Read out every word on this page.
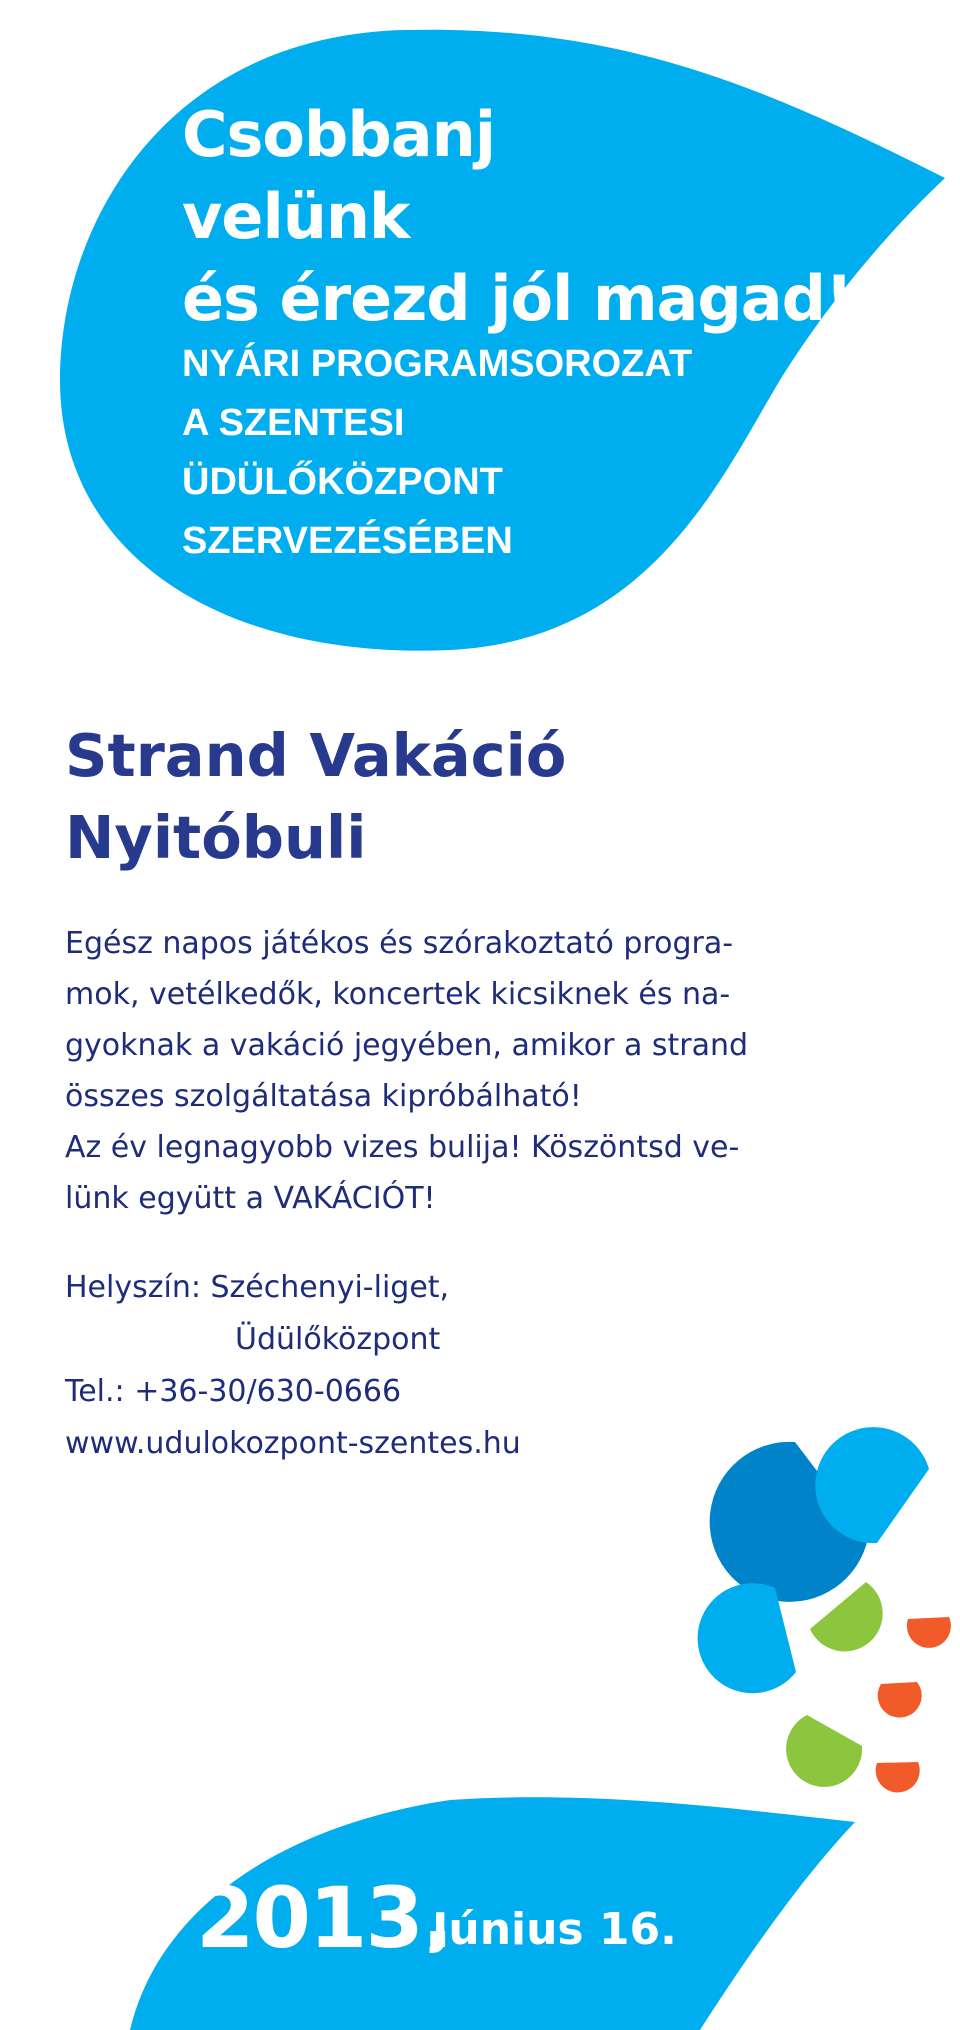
Csobbanj
velünk
és érezd jól magad!
NYÁRI PROGRAMSOROZAT
A SZENTESI
ÜDÜLŐKÖZPONT
SZERVEZÉSÉBEN
Strand Vakáció
Nyitóbuli
Egész napos játékos és szórakoztató progra-
mok, vetélkedők, koncertek kicsiknek és na-
gyoknak a vakáció jegyében, amikor a strand
összes szolgáltatása kipróbálható!
Az év legnagyobb vizes bulija! Köszöntsd ve-
lünk együtt a VAKÁCIÓT!
Helyszín: Széchenyi-liget,
Üdülőközpont
Tel.: +36-30/630-0666
www.udulokozpont-szentes.hu
2013.
Június 16.
